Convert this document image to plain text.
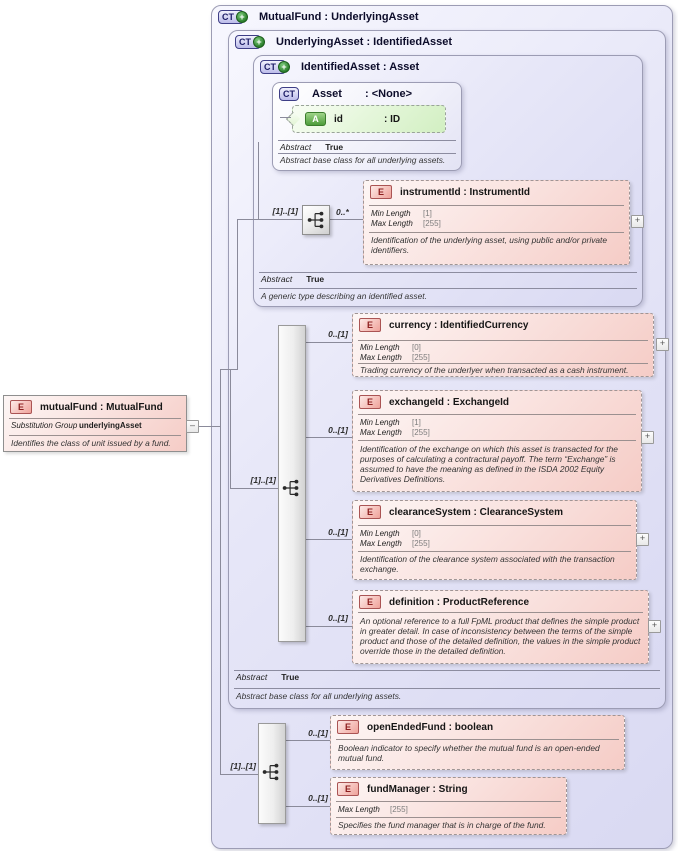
CT +	MutualFund : UnderlyingAsset
CT +	UnderlyingAsset : IdentifiedAsset
Abstract True
Abstract base class for all underlying assets.
CT +	IdentifiedAsset : Asset
Abstract True
A generic type describing an identified asset.
CT Asset	: <None>
A	id	: ID
Abstract True
Abstract base class for all underlying assets.
[1]..[1]	0..*
[1]..[1]
[1]..[1]
0..[1]
0..[1]
0..[1]
0..[1]
0..[1]
0..[1]
E	instrumentId : InstrumentId
Min Length [1]
Max Length [255]
Identification of the underlying asset, using public and/or private identifiers.
E	currency : IdentifiedCurrency
Min Length [0]
Max Length [255]
Trading currency of the underlyer when transacted as a cash instrument.
E	exchangeId : ExchangeId
Min Length [1]
Max Length [255]
Identification of the exchange on which this asset is transacted for the purposes of calculating a contractural payoff. The term “Exchange” is assumed to have the meaning as defined in the ISDA 2002 Equity Derivatives Definitions.
E	clearanceSystem : ClearanceSystem
Min Length [0]
Max Length [255]
Identification of the clearance system associated with the transaction exchange.
E	definition : ProductReference
An optional reference to a full FpML product that defines the simple product in greater detail. In case of inconsistency between the terms of the simple product and those of the detailed definition, the values in the simple product override those in the detailed definition.
E	openEndedFund : boolean
Boolean indicator to specify whether the mutual fund is an open-ended mutual fund.
E	fundManager : String
Max Length [255]
Specifies the fund manager that is in charge of the fund.
E	mutualFund : MutualFund
Substitution Group underlyingAsset
Identifies the class of unit issued by a fund.
–
+
+
+
+
+
